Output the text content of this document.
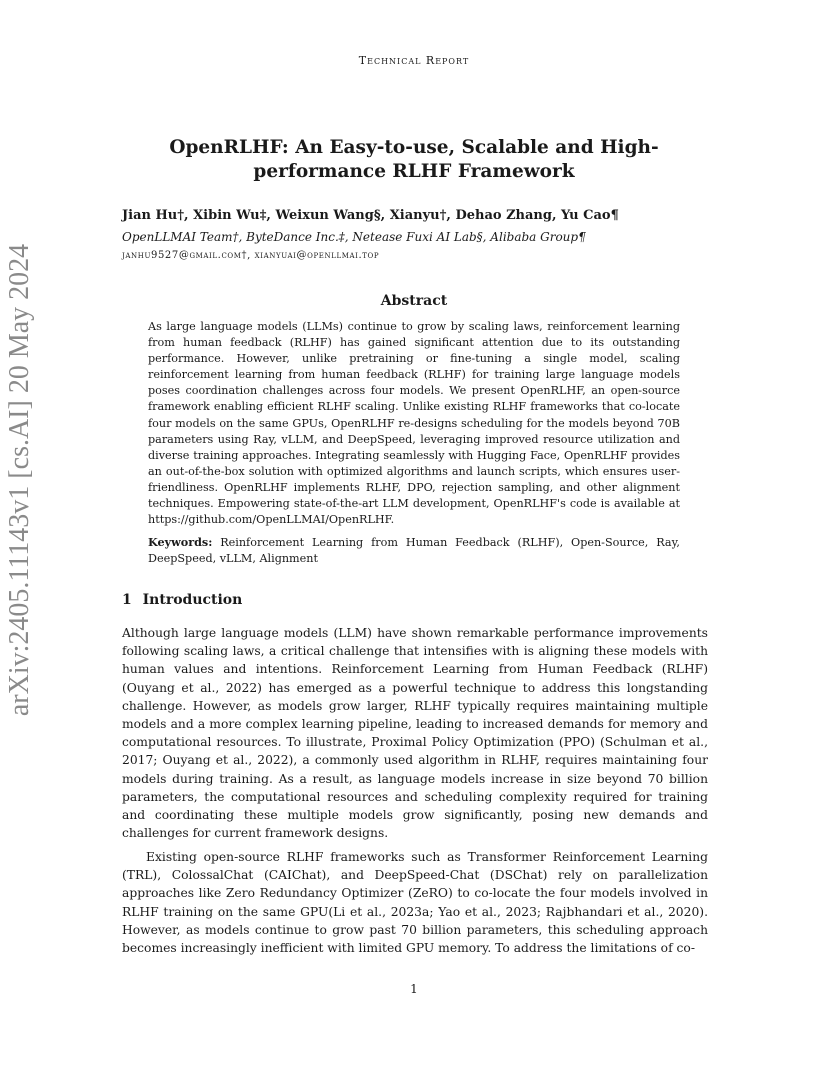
Technical Report
OpenRLHF: An Easy-to-use, Scalable and High-performance RLHF Framework
Jian Hu†, Xibin Wu‡, Weixun Wang§, Xianyu†, Dehao Zhang, Yu Cao¶
OpenLLMAI Team†, ByteDance Inc.‡, Netease Fuxi AI Lab§, Alibaba Group¶
janhu9527@gmail.com†, xianyuai@openllmai.top
Abstract
As large language models (LLMs) continue to grow by scaling laws, reinforcement learning from human feedback (RLHF) has gained significant attention due to its outstanding performance. However, unlike pretraining or fine-tuning a single model, scaling reinforcement learning from human feedback (RLHF) for training large language models poses coordination challenges across four models. We present OpenRLHF, an open-source framework enabling efficient RLHF scaling. Unlike existing RLHF frameworks that co-locate four models on the same GPUs, OpenRLHF re-designs scheduling for the models beyond 70B parameters using Ray, vLLM, and DeepSpeed, leveraging improved resource utilization and diverse training approaches. Integrating seamlessly with Hugging Face, OpenRLHF provides an out-of-the-box solution with optimized algorithms and launch scripts, which ensures user-friendliness. OpenRLHF implements RLHF, DPO, rejection sampling, and other alignment techniques. Empowering state-of-the-art LLM development, OpenRLHF's code is available at https://github.com/OpenLLMAI/OpenRLHF.
Keywords: Reinforcement Learning from Human Feedback (RLHF), Open-Source, Ray, DeepSpeed, vLLM, Alignment
1 Introduction
Although large language models (LLM) have shown remarkable performance improvements following scaling laws, a critical challenge that intensifies with is aligning these models with human values and intentions. Reinforcement Learning from Human Feedback (RLHF) (Ouyang et al., 2022) has emerged as a powerful technique to address this longstanding challenge. However, as models grow larger, RLHF typically requires maintaining multiple models and a more complex learning pipeline, leading to increased demands for memory and computational resources. To illustrate, Proximal Policy Optimization (PPO) (Schulman et al., 2017; Ouyang et al., 2022), a commonly used algorithm in RLHF, requires maintaining four models during training. As a result, as language models increase in size beyond 70 billion parameters, the computational resources and scheduling complexity required for training and coordinating these multiple models grow significantly, posing new demands and challenges for current framework designs.
Existing open-source RLHF frameworks such as Transformer Reinforcement Learning (TRL), ColossalChat (CAIChat), and DeepSpeed-Chat (DSChat) rely on parallelization approaches like Zero Redundancy Optimizer (ZeRO) to co-locate the four models involved in RLHF training on the same GPU(Li et al., 2023a; Yao et al., 2023; Rajbhandari et al., 2020). However, as models continue to grow past 70 billion parameters, this scheduling approach becomes increasingly inefficient with limited GPU memory. To address the limitations of co-
1
arXiv:2405.11143v1 [cs.AI] 20 May 2024
